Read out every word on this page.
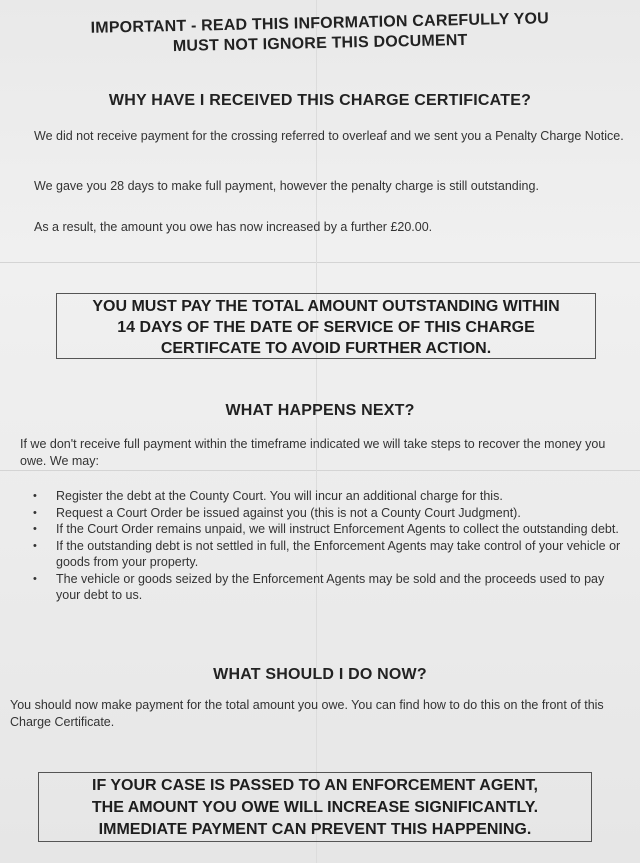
IMPORTANT - READ THIS INFORMATION CAREFULLY YOU
MUST NOT IGNORE THIS DOCUMENT
WHY HAVE I RECEIVED THIS CHARGE CERTIFICATE?
We did not receive payment for the crossing referred to overleaf and we sent you a Penalty Charge Notice.
We gave you 28 days to make full payment, however the penalty charge is still outstanding.
As a result, the amount you owe has now increased by a further £20.00.
YOU MUST PAY THE TOTAL AMOUNT OUTSTANDING WITHIN
14 DAYS OF THE DATE OF SERVICE OF THIS CHARGE
CERTIFCATE TO AVOID FURTHER ACTION.
WHAT HAPPENS NEXT?
If we don't receive full payment within the timeframe indicated we will take steps to recover the money you owe. We may:
• Register the debt at the County Court. You will incur an additional charge for this.
• Request a Court Order be issued against you (this is not a County Court Judgment).
• If the Court Order remains unpaid, we will instruct Enforcement Agents to collect the outstanding debt.
• If the outstanding debt is not settled in full, the Enforcement Agents may take control of your vehicle or goods from your property.
• The vehicle or goods seized by the Enforcement Agents may be sold and the proceeds used to pay your debt to us.
WHAT SHOULD I DO NOW?
You should now make payment for the total amount you owe. You can find how to do this on the front of this Charge Certificate.
IF YOUR CASE IS PASSED TO AN ENFORCEMENT AGENT,
THE AMOUNT YOU OWE WILL INCREASE SIGNIFICANTLY.
IMMEDIATE PAYMENT CAN PREVENT THIS HAPPENING.
